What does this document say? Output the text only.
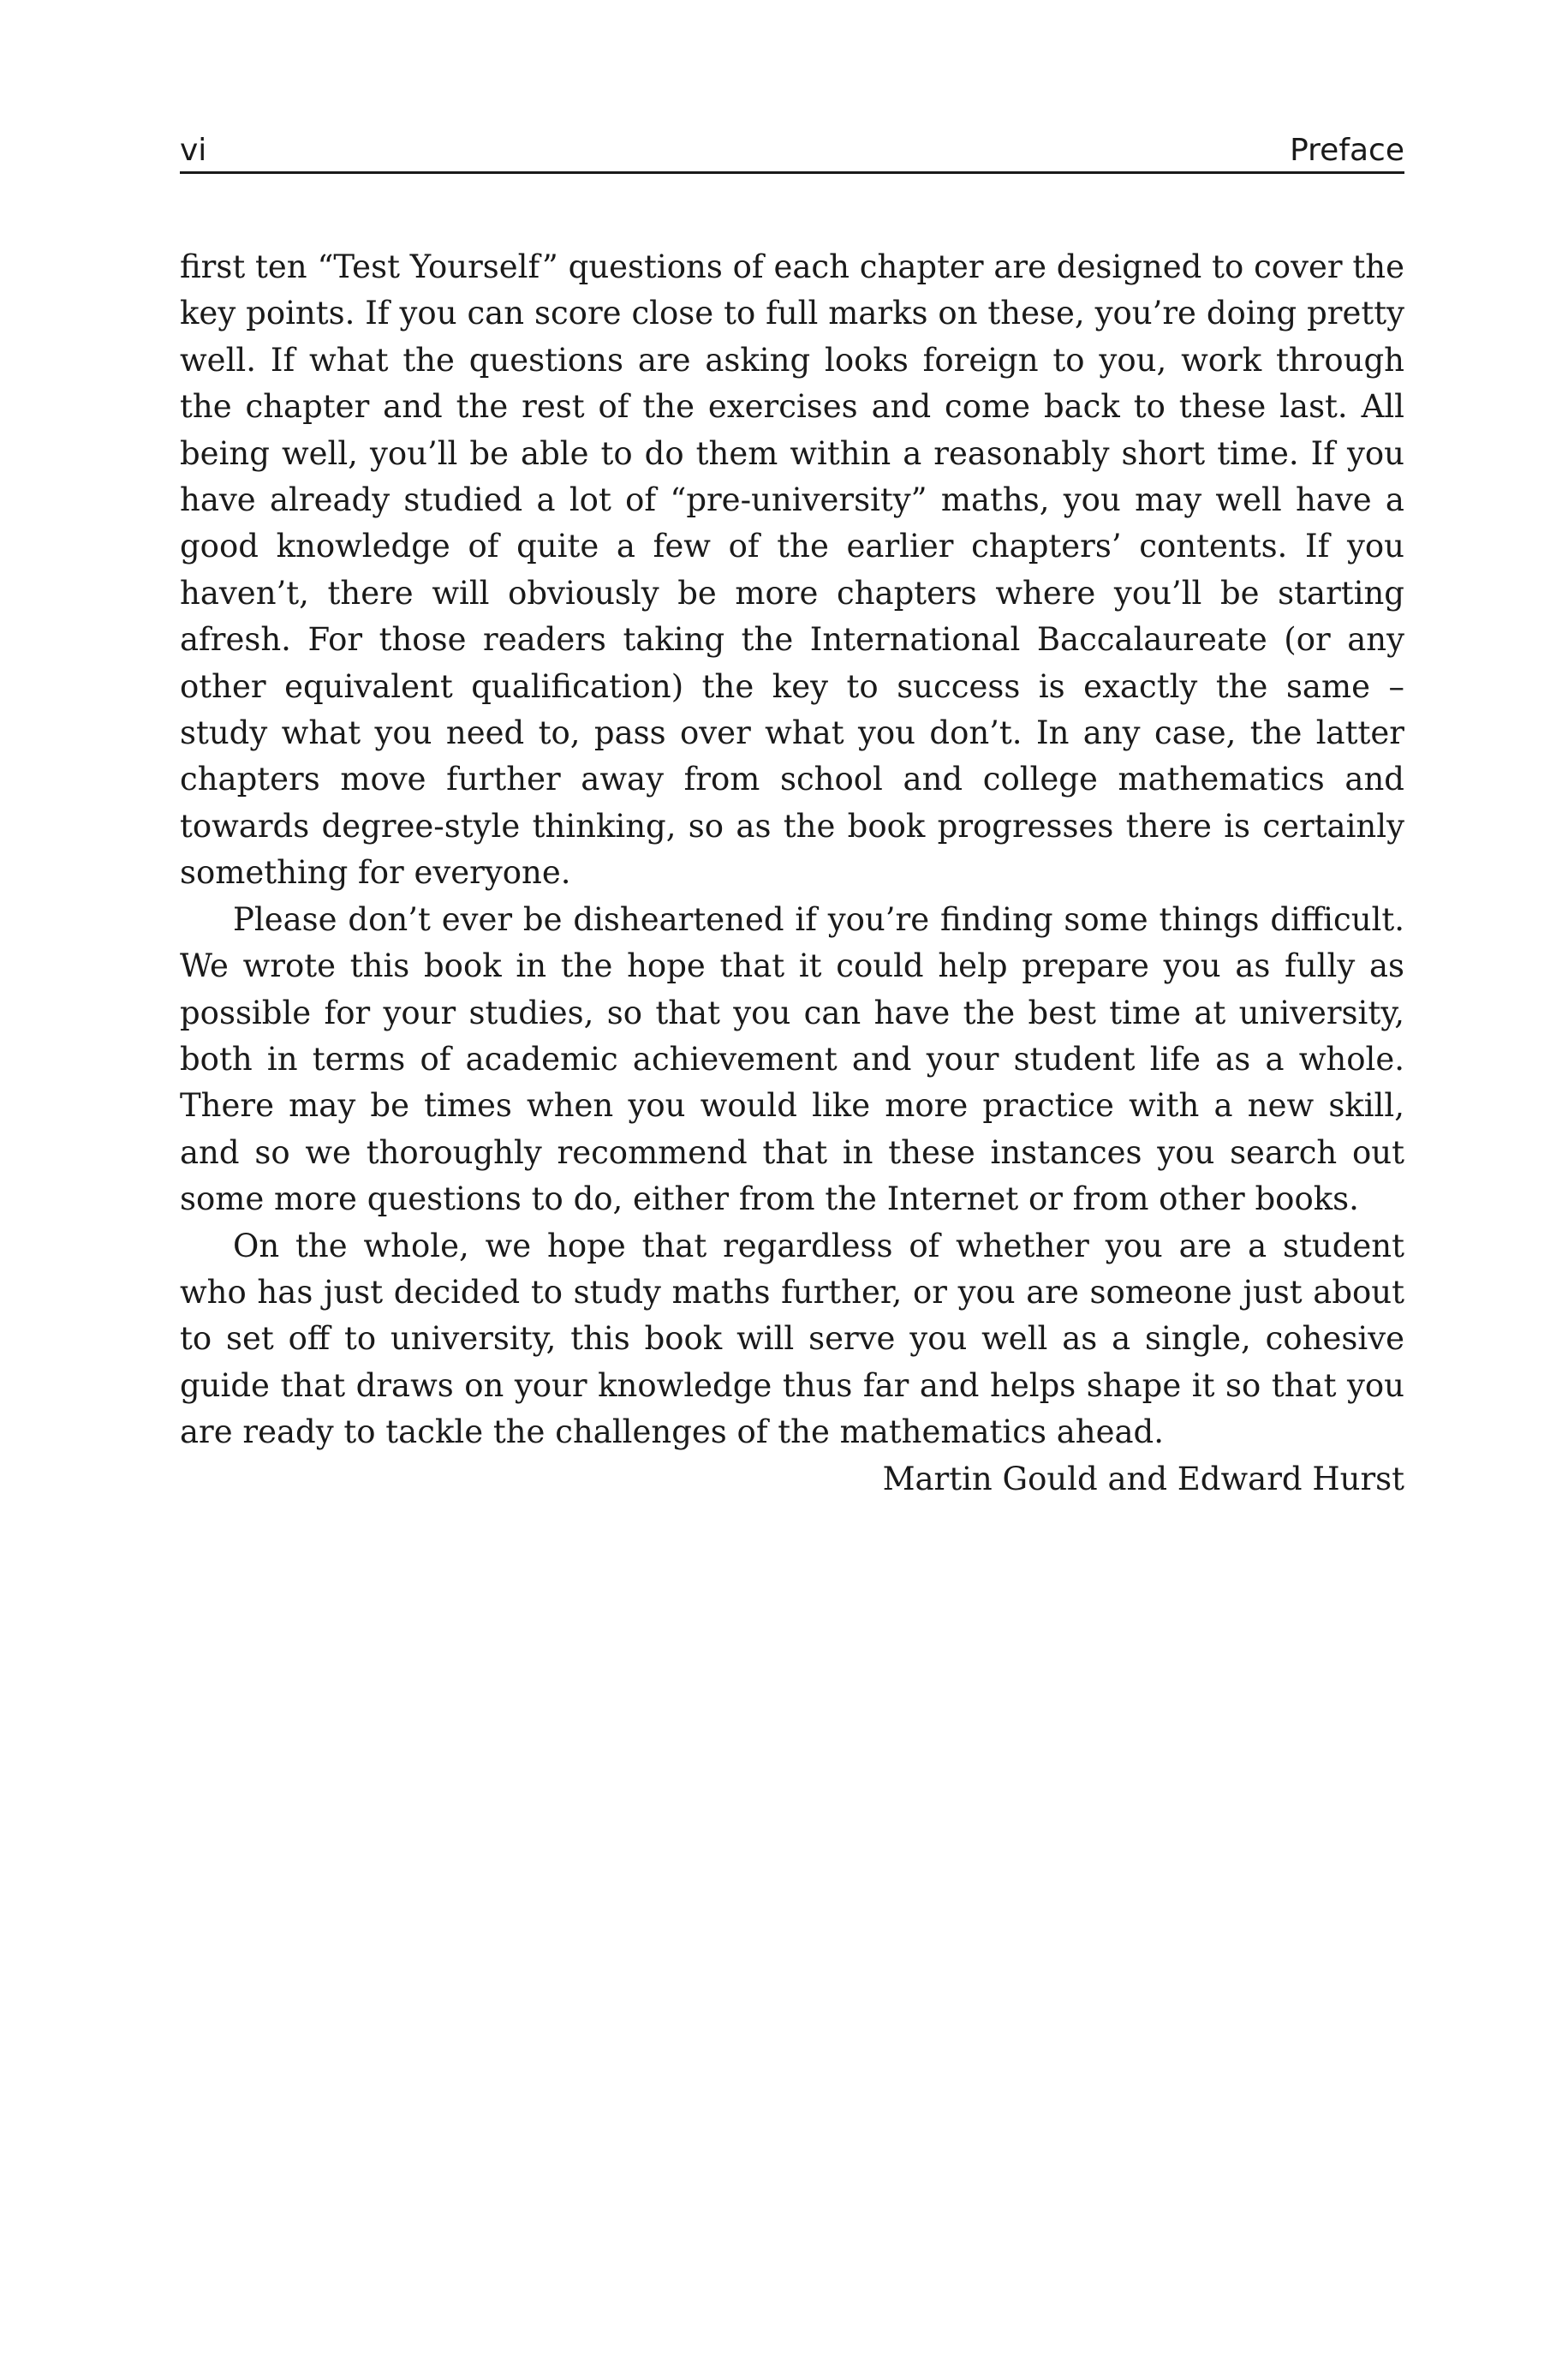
vi	Preface

first ten “Test Yourself” questions of each chapter are designed to cover the key points. If you can score close to full marks on these, you’re doing pretty well. If what the questions are asking looks foreign to you, work through the chapter and the rest of the exercises and come back to these last. All being well, you’ll be able to do them within a reasonably short time. If you have already studied a lot of “pre-university” maths, you may well have a good knowledge of quite a few of the earlier chapters’ contents. If you haven’t, there will obviously be more chapters where you’ll be starting afresh. For those readers taking the International Baccalaureate (or any other equivalent qualification) the key to success is exactly the same – study what you need to, pass over what you don’t. In any case, the latter chapters move further away from school and college mathematics and towards degree-style thinking, so as the book progresses there is certainly something for everyone.

Please don’t ever be disheartened if you’re finding some things difficult. We wrote this book in the hope that it could help prepare you as fully as possible for your studies, so that you can have the best time at university, both in terms of academic achievement and your student life as a whole. There may be times when you would like more practice with a new skill, and so we thoroughly recommend that in these instances you search out some more questions to do, either from the Internet or from other books.

On the whole, we hope that regardless of whether you are a student who has just decided to study maths further, or you are someone just about to set off to university, this book will serve you well as a single, cohesive guide that draws on your knowledge thus far and helps shape it so that you are ready to tackle the challenges of the mathematics ahead.

Martin Gould and Edward Hurst
